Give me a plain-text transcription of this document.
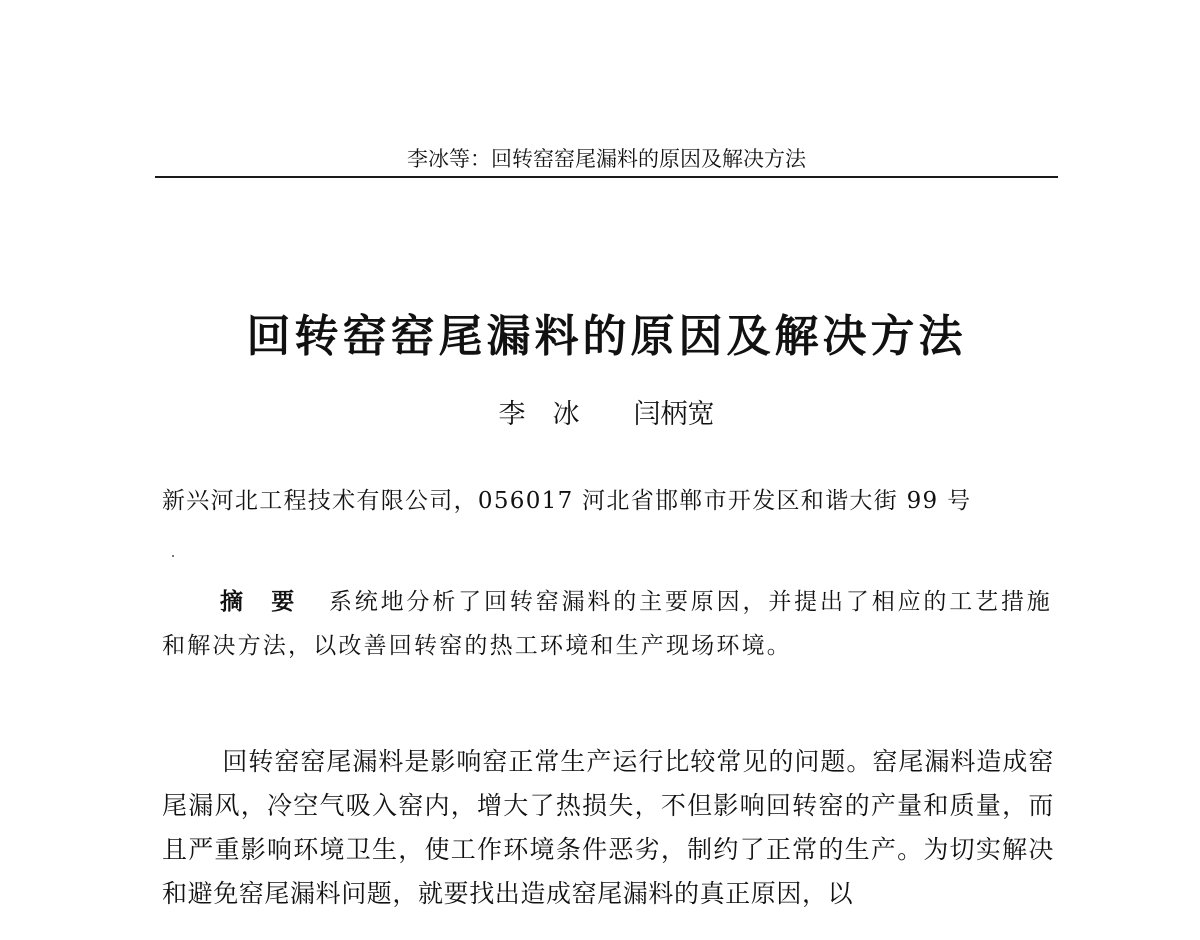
李冰等：回转窑窑尾漏料的原因及解决方法
回转窑窑尾漏料的原因及解决方法
李　冰　　闫柄宽
新兴河北工程技术有限公司，056017 河北省邯郸市开发区和谐大街 99 号
摘　要 系统地分析了回转窑漏料的主要原因，并提出了相应的工艺措施和解决方法，以改善回转窑的热工环境和生产现场环境。
回转窑窑尾漏料是影响窑正常生产运行比较常见的问题。窑尾漏料造成窑尾漏风，冷空气吸入窑内，增大了热损失，不但影响回转窑的产量和质量，而且严重影响环境卫生，使工作环境条件恶劣，制约了正常的生产。为切实解决和避免窑尾漏料问题，就要找出造成窑尾漏料的真正原因，以
